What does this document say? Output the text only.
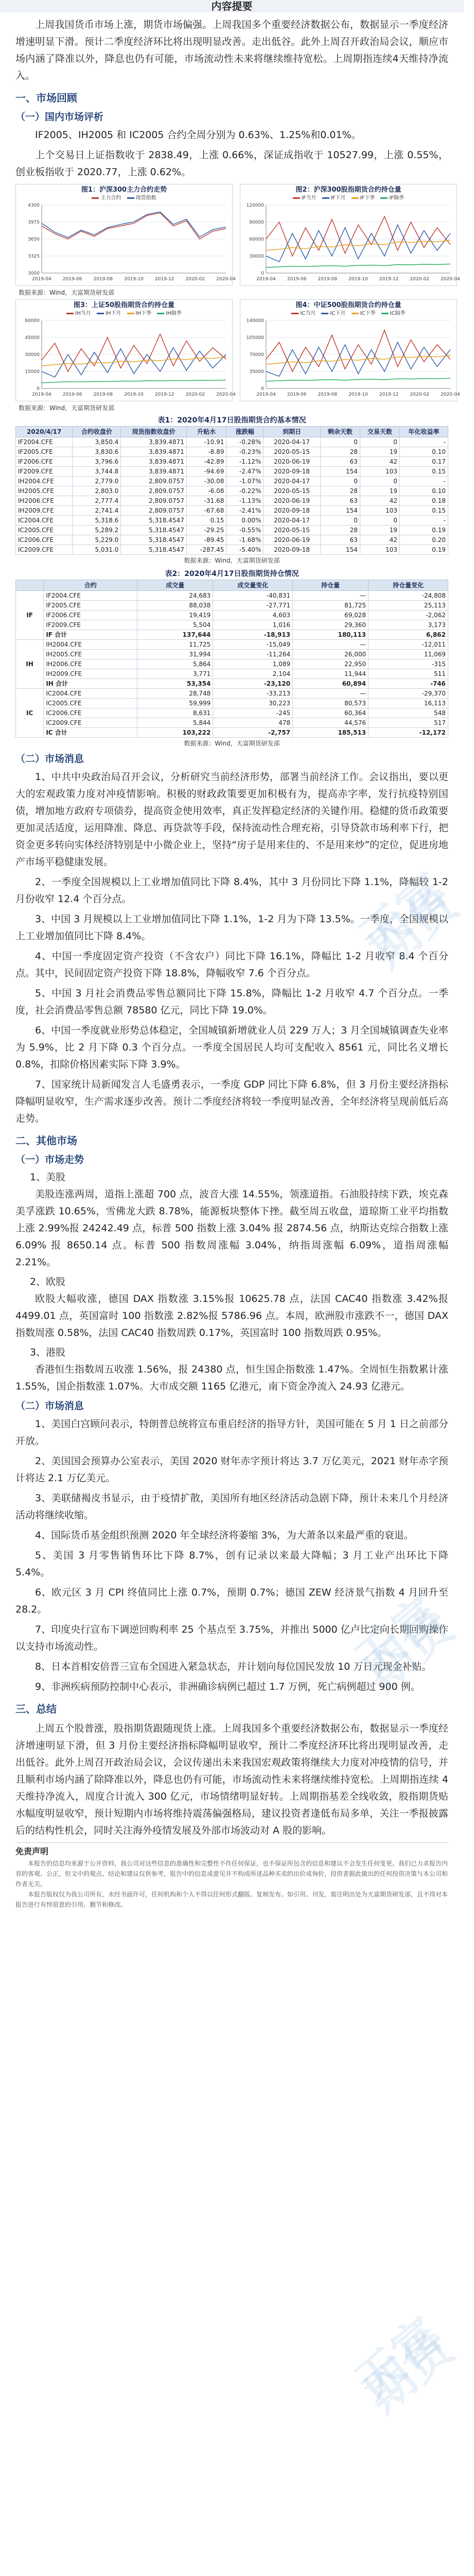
天富期货
天富期货
天富期货
内容提要

上周我国货币市场上涨，期货市场偏强。上周我国多个重要经济数据公布，数据显示一季度经济增速明显下滑。预计二季度经济环比将出现明显改善。走出低谷。此外上周召开政治局会议，顺应市场内涵了降准以外，降息也仍有可能，市场流动性未来将继续维持宽松。上周期指连续4天维持净流入。

一、市场回顾
（一）国内市场评析

IF2005、IH2005 和 IC2005 合约全周分别为 0.63%、1.25%和0.01%。

上个交易日上证指数收于 2838.49，上涨 0.66%，深证成指收于 10527.99，上涨 0.55%，创业板指收于 2020.77，上涨 0.62%。

图1：沪深300主力合约走势
主力合约	现货指数
3000
3325
3650
3975
4300
2019-04 2019-06 2019-08 2019-10 2019-12 2020-02 2020-04
图2：沪深300股指期货合约持仓量
IF当月	IF下月	IF下季	IF隔季
0
30000
60000
90000
120000
2019-04 2019-06 2019-08 2019-10 2019-12 2020-02 2020-04
数据来源：Wind，天富期货研发部
图3：上证50股指期货合约持仓量
IH当月	IH下月	IH下季	IH隔季
0
15000
30000
45000
60000
2019-04 2019-06 2019-08 2019-10 2019-12 2020-02 2020-04
图4：中证500股指期货合约持仓量
IC当月	IC下月	IC下季	IC隔季
0
35000
70000
105000
140000
2019-04 2019-06 2019-08 2019-10 2019-12 2020-02 2020-04
数据来源：Wind，天富期货研发部
表1：2020年4月17日股指期货合约基本情况
2020/4/17	合约收盘价	现货指数收盘价	升贴水	涨跌幅	到期日	剩余天数	交易天数	年化收益率
IF2004.CFE	3,850.4	3,839.4871	-10.91	-0.28%	2020-04-17	0	0	-
IF2005.CFE	3,830.6	3,839.4871	-8.89	-0.23%	2020-05-15	28	19	0.10
IF2006.CFE	3,796.6	3,839.4871	-42.89	-1.12%	2020-06-19	63	42	0.17
IF2009.CFE	3,744.8	3,839.4871	-94.69	-2.47%	2020-09-18	154	103	0.15
IH2004.CFE	2,779.0	2,809.0757	-30.08	-1.07%	2020-04-17	0	0	-
IH2005.CFE	2,803.0	2,809.0757	-6.08	-0.22%	2020-05-15	28	19	0.10
IH2006.CFE	2,777.4	2,809.0757	-31.68	-1.13%	2020-06-19	63	42	0.18
IH2009.CFE	2,741.4	2,809.0757	-67.68	-2.41%	2020-09-18	154	103	0.15
IC2004.CFE	5,318.6	5,318.4547	0.15	0.00%	2020-04-17	0	0	-
IC2005.CFE	5,289.2	5,318.4547	-29.25	-0.55%	2020-05-15	28	19	0.19
IC2006.CFE	5,229.0	5,318.4547	-89.45	-1.68%	2020-06-19	63	42	0.20
IC2009.CFE	5,031.0	5,318.4547	-287.45	-5.40%	2020-09-18	154	103	0.19
数据来源：Wind，天富期货研发部
表2：2020年4月17日股指期货持仓情况
	合约	成交量	成交量变化	持仓量	持仓量变化
IF	IF2004.CFE	24,683	-40,831	—	-24,808
	IF2005.CFE	88,038	-27,771	81,725	25,113
	IF2006.CFE	19,419	4,603	69,028	-2,062
	IF2009.CFE	5,504	1,016	29,360	3,173
	IF 合计	137,644	-18,913	180,113	6,862
IH	IH2004.CFE	11,725	-15,049	—	-12,011
	IH2005.CFE	31,994	-11,264	26,000	11,069
	IH2006.CFE	5,864	1,089	22,950	-315
	IH2009.CFE	3,771	2,104	11,944	511
	IH 合计	53,354	-23,120	60,894	-746
IC	IC2004.CFE	28,748	-33,213	—	-29,370
	IC2005.CFE	59,999	30,223	80,573	16,113
	IC2006.CFE	8,631	-245	60,364	548
	IC2009.CFE	5,844	478	44,576	517
	IC 合计	103,222	-2,757	185,513	-12,172
数据来源：Wind，天富期货研发部
（二）市场消息

1、中共中央政治局召开会议，分析研究当前经济形势，部署当前经济工作。会议指出，要以更大的宏观政策力度对冲疫情影响。积极的财政政策要更加积极有为，提高赤字率，发行抗疫特别国债，增加地方政府专项债券，提高资金使用效率，真正发挥稳定经济的关键作用。稳健的货币政策要更加灵活适度，运用降准、降息、再贷款等手段，保持流动性合理充裕，引导贷款市场利率下行，把资金更多转向实体经济特别是中小微企业上，坚持“房子是用来住的、不是用来炒”的定位，促进房地产市场平稳健康发展。

2、一季度全国规模以上工业增加值同比下降 8.4%，其中 3 月份同比下降 1.1%，降幅较 1-2 月份收窄 12.4 个百分点。

3、中国 3 月规模以上工业增加值同比下降 1.1%，1-2 月为下降 13.5%。一季度，全国规模以上工业增加值同比下降 8.4%。

4、中国一季度固定资产投资（不含农户）同比下降 16.1%，降幅比 1-2 月收窄 8.4 个百分点。其中，民间固定资产投资下降 18.8%，降幅收窄 7.6 个百分点。

5、中国 3 月社会消费品零售总额同比下降 15.8%，降幅比 1-2 月收窄 4.7 个百分点。一季度，社会消费品零售总额 78580 亿元，同比下降 19.0%。

6、中国一季度就业形势总体稳定，全国城镇新增就业人员 229 万人；3 月全国城镇调查失业率为 5.9%，比 2 月下降 0.3 个百分点。一季度全国居民人均可支配收入 8561 元，同比名义增长 0.8%，扣除价格因素实际下降 3.9%。

7、国家统计局新闻发言人毛盛勇表示，一季度 GDP 同比下降 6.8%，但 3 月份主要经济指标降幅明显收窄，生产需求逐步改善。预计二季度经济将较一季度明显改善，全年经济将呈现前低后高走势。

二、其他市场
（一）市场走势
1、美股

美股连涨两周，道指上涨超 700 点，波音大涨 14.55%，领涨道指。石油股持续下跌，埃克森美孚涨跌 10.65%，雪佛龙大跌 8.78%，能源板块整体下挫。截至周五收盘，道琼斯工业平均指数上涨 2.99%报 24242.49 点，标普 500 指数上涨 3.04% 报 2874.56 点，纳斯达克综合指数上涨 6.09% 报 8650.14 点。标普 500 指数周涨幅 3.04%，纳指周涨幅 6.09%，道指周涨幅 2.21%。

2、欧股

欧股大幅收涨，德国 DAX 指数涨 3.15%报 10625.78 点，法国 CAC40 指数涨 3.42%报 4499.01 点，英国富时 100 指数涨 2.82%报 5786.96 点。本周，欧洲股市涨跌不一，德国 DAX 指数周涨 0.58%，法国 CAC40 指数周跌 0.17%，英国富时 100 指数周跌 0.95%。

3、港股

香港恒生指数周五收涨 1.56%，报 24380 点，恒生国企指数涨 1.47%。全周恒生指数累计涨 1.55%，国企指数涨 1.07%。大市成交额 1165 亿港元，南下资金净流入 24.93 亿港元。

（二）市场消息

1、美国白宫顾问表示，特朗普总统将宣布重启经济的指导方针，美国可能在 5 月 1 日之前部分开放。

2、美国国会预算办公室表示，美国 2020 财年赤字预计将达 3.7 万亿美元，2021 财年赤字预计将达 2.1 万亿美元。

3、美联储褐皮书显示，由于疫情扩散，美国所有地区经济活动急剧下降，预计未来几个月经济活动将继续收缩。

4、国际货币基金组织预测 2020 年全球经济将萎缩 3%，为大萧条以来最严重的衰退。

5、美国 3 月零售销售环比下降 8.7%，创有记录以来最大降幅；3 月工业产出环比下降 5.4%。

6、欧元区 3 月 CPI 终值同比上涨 0.7%，预期 0.7%；德国 ZEW 经济景气指数 4 月回升至 28.2。

7、印度央行宣布下调逆回购利率 25 个基点至 3.75%，并推出 5000 亿卢比定向长期回购操作以支持市场流动性。

8、日本首相安倍晋三宣布全国进入紧急状态，并计划向每位国民发放 10 万日元现金补贴。

9、非洲疾病预防控制中心表示，非洲确诊病例已超过 1.7 万例，死亡病例超过 900 例。

三、总结

上周五个股普涨，股指期货跟随现货上涨。上周我国多个重要经济数据公布，数据显示一季度经济增速明显下滑，但 3 月份主要经济指标降幅明显收窄，预计二季度经济环比将出现明显改善，走出低谷。此外上周召开政治局会议，会议传递出未来我国宏观政策将继续大力度对冲疫情的信号，并且顺利市场内涵了除降准以外，降息也仍有可能，市场流动性未来将继续维持宽松。上周期指连续 4 天维持净流入，周度合计流入 300 亿元，市场情绪明显好转。上周期指基差全线收敛，股指期货贴水幅度明显收窄，预计短期内市场将维持震荡偏强格局，建议投资者逢低布局多单，关注一季报披露后的结构性机会，同时关注海外疫情发展及外部市场波动对 A 股的影响。

免责声明

本报告的信息均来源于公开资料，我公司对这些信息的准确性和完整性不作任何保证，也不保证所包含的信息和建议不会发生任何变更。我们已力求报告内容的客观、公正，但文中的观点、结论和建议仅供参考，报告中的信息或意见并不构成所述品种买卖的出价或询价，投资者据此做出的任何投资决策与本公司和作者无关。

本报告版权仅为我公司所有，未经书面许可，任何机构和个人不得以任何形式翻版、复制发布。如引用、刊发，需注明出处为天富期货研发部，且不得对本报告进行有悖原意的引用、删节和修改。
